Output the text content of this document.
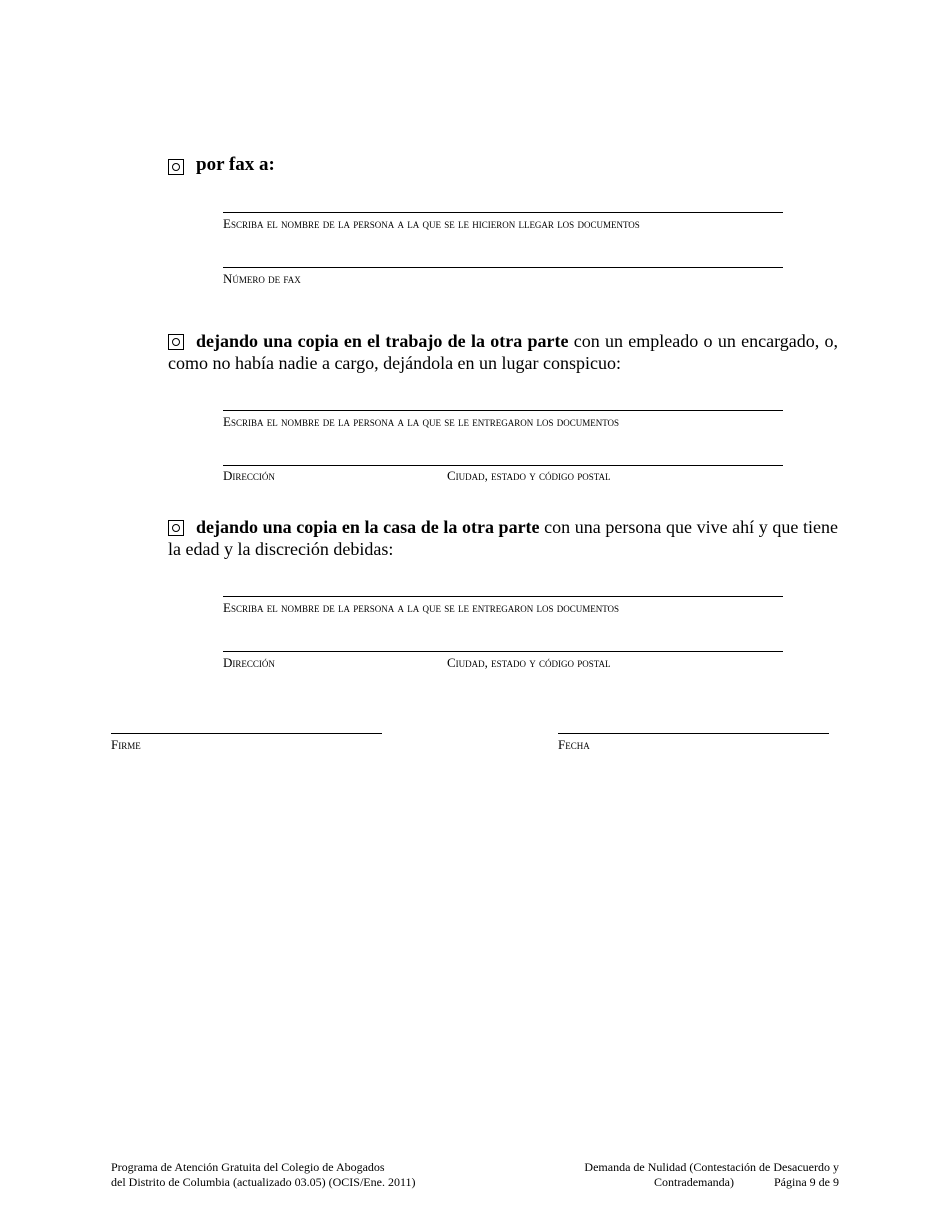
por fax a:
Escriba el nombre de la persona a la que se le hicieron llegar los documentos
Número de fax
dejando una copia en el trabajo de la otra parte con un empleado o un encargado, o, como no había nadie a cargo, dejándola en un lugar conspicuo:
Escriba el nombre de la persona a la que se le entregaron los documentos
Dirección	Ciudad, estado y código postal
dejando una copia en la casa de la otra parte con una persona que vive ahí y que tiene la edad y la discreción debidas:
Escriba el nombre de la persona a la que se le entregaron los documentos
Dirección	Ciudad, estado y código postal
Firme	Fecha
Programa de Atención Gratuita del Colegio de Abogados
del Distrito de Columbia (actualizado 03.05) (OCIS/Ene. 2011)
Demanda de Nulidad (Contestación de Desacuerdo y
Contrademanda)	Página 9 de 9
